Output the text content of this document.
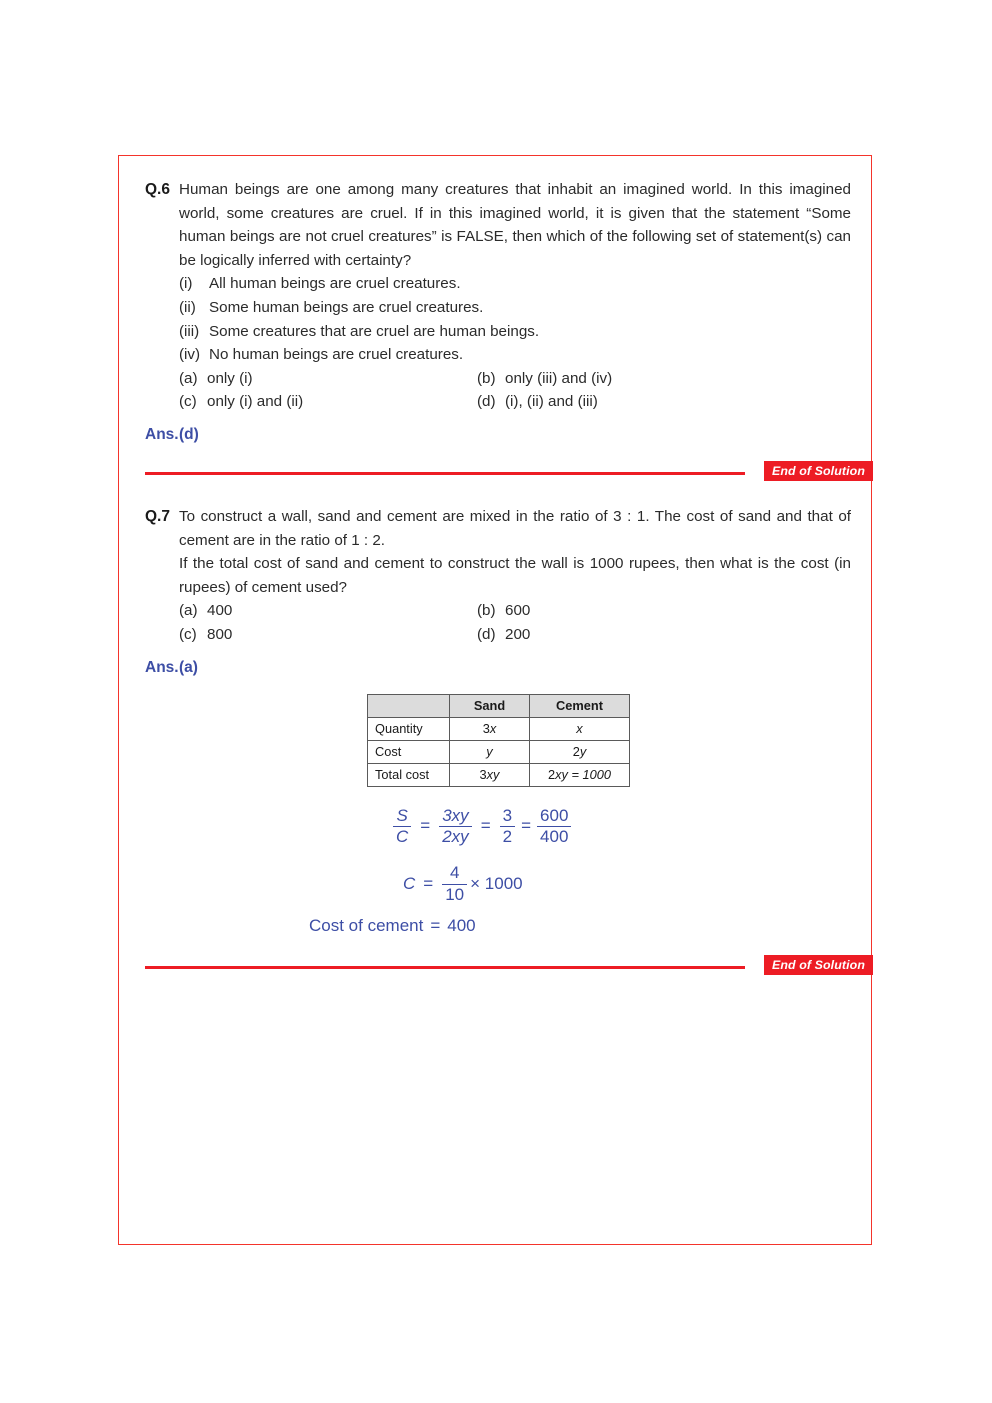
Q.6 Human beings are one among many creatures that inhabit an imagined world. In this imagined world, some creatures are cruel. If in this imagined world, it is given that the statement “Some human beings are not cruel creatures” is FALSE, then which of the following set of statement(s) can be logically inferred with certainty?

(i)	All human beings are cruel creatures.
(ii) Some human beings are cruel creatures.
(iii) Some creatures that are cruel are human beings.
(iv) No human beings are cruel creatures.
(a) only (i)	(b) only (iii) and (iv)
(c) only (i) and (ii)	(d) (i), (ii) and (iii)
Ans. (d)
End of Solution
Q.7 To construct a wall, sand and cement are mixed in the ratio of 3 : 1. The cost of sand and that of cement are in the ratio of 1 : 2.

If the total cost of sand and cement to construct the wall is 1000 rupees, then what is the cost (in rupees) of cement used?

(a) 400	(b) 600
(c) 800	(d) 200
Ans. (a)
	Sand	Cement
Quantity	3x	x
Cost	y	2y
Total cost	3xy	2xy = 1000
$\frac{S}{C} = \frac{3xy}{2xy} = \frac{3}{2} = \frac{600}{400}$
$C = \frac{4}{10} \times 1000$
Cost of cement = 400
End of Solution
